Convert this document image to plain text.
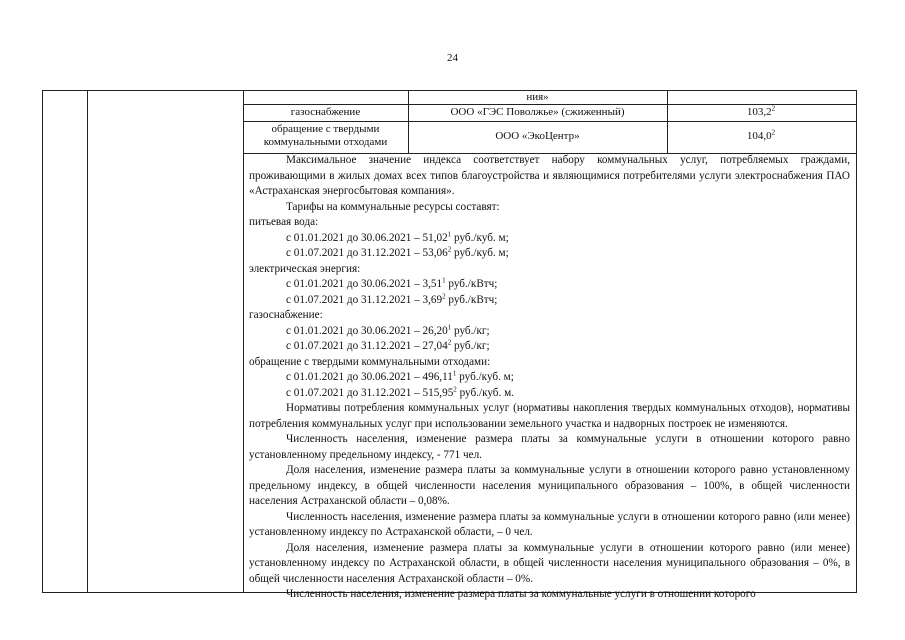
24
ния»
газоснабжение	ООО «ГЭС Поволжье» (сжиженный)	103,2$^2$
обращение с твердыми
коммунальными отходами	ООО «ЭкоЦентр»	104,0$^2$

Максимальное значение индекса соответствует набору коммунальных услуг, потребляемых граждами, проживающими в жилых домах всех типов благоустройства и являющимися потребителями услуги электроснабжения ПАО «Астраханская энергосбытовая компания».

Тарифы на коммунальные ресурсы составят:

питьевая вода:

с 01.01.2021 до 30.06.2021 – 51,02$^1$ руб./куб. м;

с 01.07.2021 до 31.12.2021 – 53,06$^2$ руб./куб. м;

электрическая энергия:

с 01.01.2021 до 30.06.2021 – 3,51$^1$ руб./кВтч;

с 01.07.2021 до 31.12.2021 – 3,69$^2$ руб./кВтч;

газоснабжение:

с 01.01.2021 до 30.06.2021 – 26,20$^1$ руб./кг;

с 01.07.2021 до 31.12.2021 – 27,04$^2$ руб./кг;

обращение с твердыми коммунальными отходами:

с 01.01.2021 до 30.06.2021 – 496,11$^1$ руб./куб. м;

с 01.07.2021 до 31.12.2021 – 515,95$^2$ руб./куб. м.

Нормативы потребления коммунальных услуг (нормативы накопления твердых коммунальных отходов), нормативы потребления коммунальных услуг при использовании земельного участка и надворных построек не изменяются.

Численность населения, изменение размера платы за коммунальные услуги в отношении которого равно установленному предельному индексу, - 771 чел.

Доля населения, изменение размера платы за коммунальные услуги в отношении которого равно установленному предельному индексу, в общей численности населения муниципального образования – 100%, в общей численности населения Астраханской области – 0,08%.

Численность населения, изменение размера платы за коммунальные услуги в отношении которого равно (или менее) установленному индексу по Астраханской области, – 0 чел.

Доля населения, изменение размера платы за коммунальные услуги в отношении которого равно (или менее) установленному индексу по Астраханской области, в общей численности населения муниципального образования – 0%, в общей численности населения Астраханской области – 0%.

Численность населения, изменение размера платы за коммунальные услуги в отношении которого
